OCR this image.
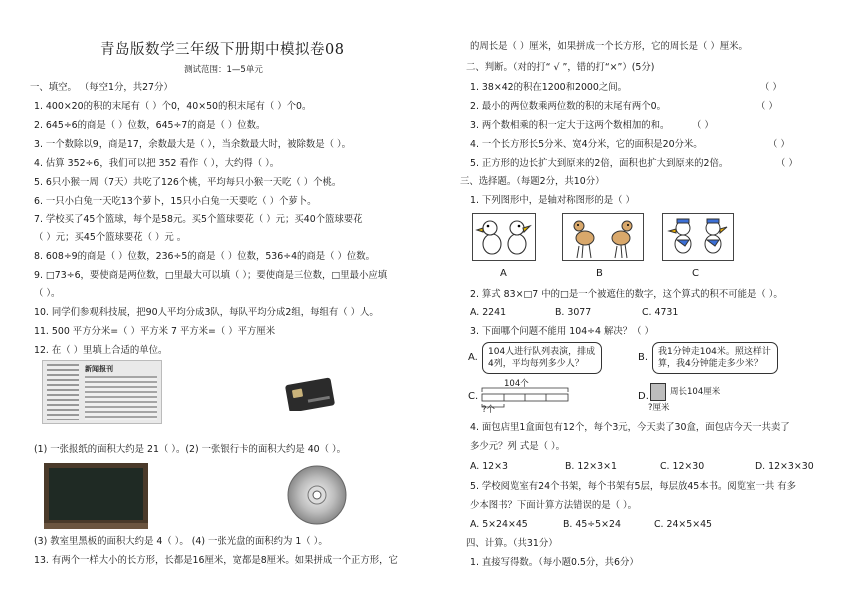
青岛版数学三年级下册期中模拟卷08
测试范围：1—5单元
一、填空。 （每空1分，共27分）
1. 400×20的积的末尾有（ ）个0，40×50的积末尾有（ ）个0。
2. 645÷6的商是（ ）位数，645÷7的商是（ ）位数。
3. 一个数除以9，商是17，余数最大是（ ），当余数最大时，被除数是（ ）。
4. 估算 352÷6，我们可以把 352 看作（ ），大约得（ ）。
5. 6只小猴一周（7天）共吃了126个桃，平均每只小猴一天吃（ ）个桃。
6. 一只小白兔一天吃13个萝卜，15只小白兔一天要吃（ ）个萝卜。
7. 学校买了45个篮球，每个是58元。买5个篮球要花（ ）元；买40个篮球要花
（ ）元；买45个篮球要花（ ）元 。
8. 608÷9的商是（ ）位数，236÷5的商是（ ）位数，536÷4的商是（ ）位数。
9. □73÷6，要使商是两位数，□里最大可以填（ ）；要使商是三位数，□里最小应填
（ ）。
10. 同学们参观科技展，把90人平均分成3队，每队平均分成2组，每组有（ ）人。
11. 500 平方分米=（ ）平方米 7 平方米=（ ）平方厘米
12. 在（ ）里填上合适的单位。
新闻报刊
(1) 一张报纸的面积大约是 21（ ）。(2) 一张银行卡的面积大约是 40（ ）。
(3) 教室里黑板的面积大约是 4（ ）。 (4) 一张光盘的面积约为 1（ ）。
13. 有两个一样大小的长方形，长都是16厘米，宽都是8厘米。如果拼成一个正方形，它
的周长是（ ）厘米，如果拼成一个长方形，它的周长是（ ）厘米。
二、判断。（对的打“ √ ”，错的打“×”）(5分)
1. 38×42的积在1200和2000之间。	（ ）
2. 最小的两位数乘两位数的积的末尾有两个0。	（ ）
3. 两个数相乘的积一定大于这两个数相加的和。 （ ）
4. 一个长方形长5分米、宽4分米，它的面积是20分米。	（ ）
5. 正方形的边长扩大到原来的2倍，面积也扩大到原来的2倍。	（ ）
三、选择题。（每题2分，共10分）
1. 下列图形中，是轴对称图形的是（ ）
A	B	C
2. 算式 83×□7 中的□是一个被遮住的数字，这个算式的积不可能是（ ）。
A. 2241	B. 3077	C. 4731
3. 下面哪个问题不能用 104÷4 解决？（ ）
A.	104人进行队列表演，排成4列，平均每列多少人？
B.	我1分钟走104米。照这样计算，我4分钟能走多少米？
C.
104个
?个
D. 周长104厘米
?厘米
4. 面包店里1盒面包有12个，每个3元，今天卖了30盒，面包店今天一共卖了
多少元？列 式是（ ）。
A. 12×3	B. 12×3×1	C. 12×30	D. 12×3×30
5. 学校阅览室有24个书架，每个书架有5层，每层放45本书。阅览室一共 有多
少本图书？下面计算方法错误的是（ ）。
A. 5×24×45	B. 45÷5×24	C. 24×5×45
四、计算。（共31分）
1. 直接写得数。（每小题0.5分，共6分）
